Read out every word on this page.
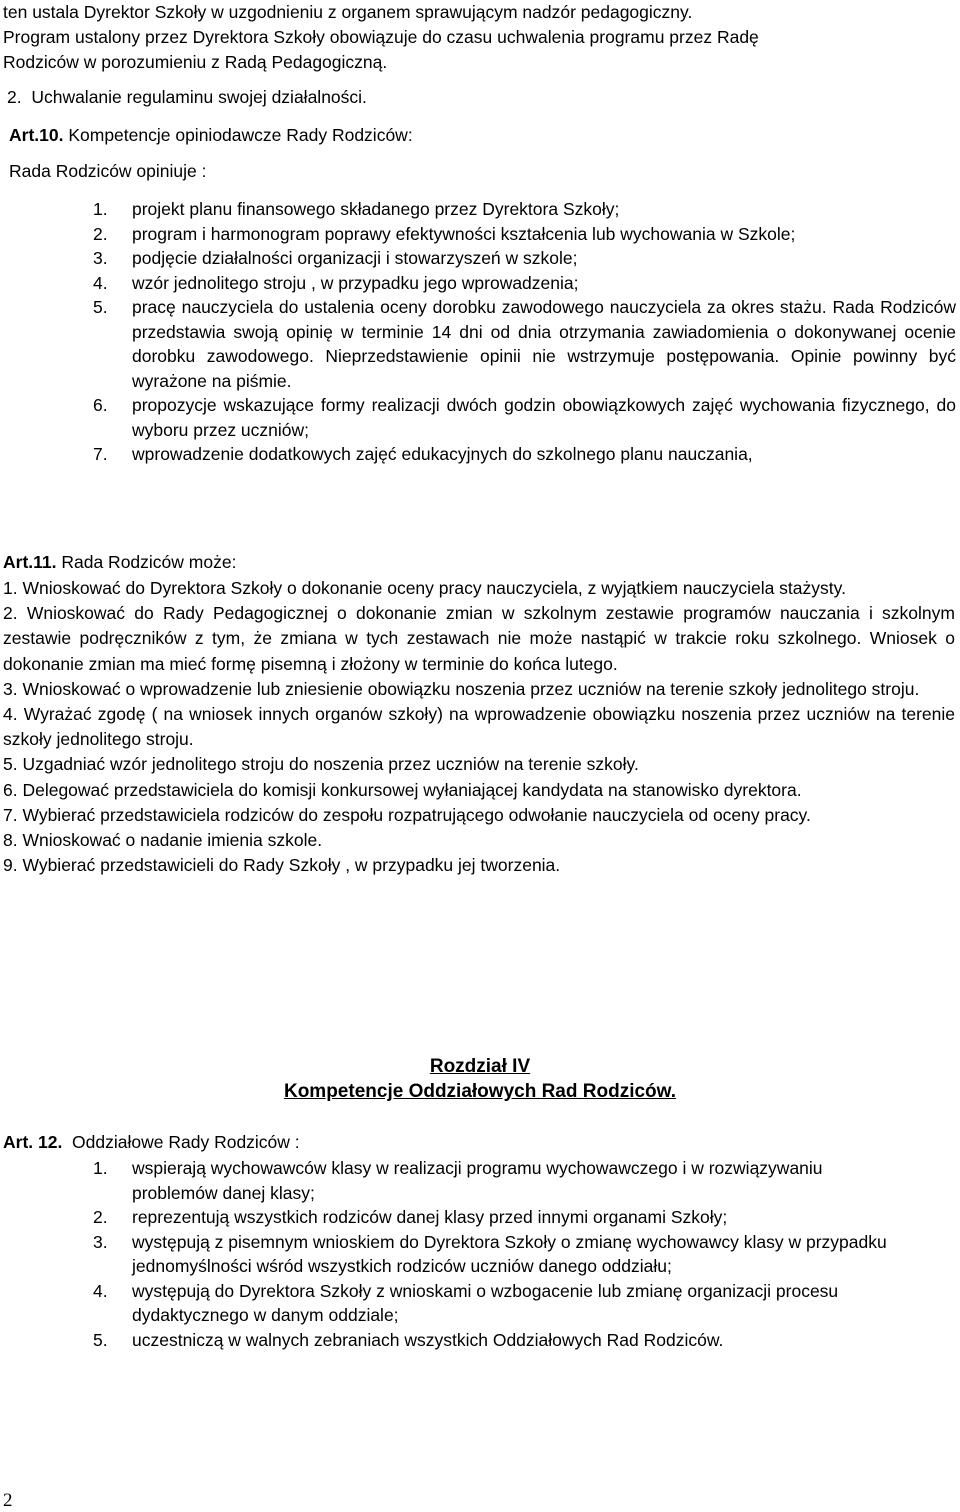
ten ustala Dyrektor Szkoły w uzgodnieniu z organem sprawującym nadzór pedagogiczny.
Program ustalony przez Dyrektora Szkoły obowiązuje do czasu uchwalenia programu przez Radę
Rodziców w porozumieniu z Radą Pedagogiczną.
2.  Uchwalanie regulaminu swojej działalności.
Art.10. Kompetencje opiniodawcze Rady Rodziców:
Rada Rodziców opiniuje :
1.	projekt planu finansowego składanego przez Dyrektora Szkoły;
2.	program i harmonogram poprawy efektywności kształcenia lub wychowania w Szkole;
3.	podjęcie działalności organizacji i stowarzyszeń w szkole;
4.	wzór jednolitego stroju , w przypadku jego wprowadzenia;
5.	pracę nauczyciela do ustalenia oceny dorobku zawodowego nauczyciela za okres stażu. Rada Rodziców przedstawia swoją opinię w terminie 14 dni od dnia otrzymania zawiadomienia o dokonywanej ocenie dorobku zawodowego. Nieprzedstawienie opinii nie wstrzymuje postępowania. Opinie powinny być wyrażone na piśmie.
6.	propozycje wskazujące formy realizacji dwóch godzin obowiązkowych zajęć wychowania fizycznego, do wyboru przez uczniów;
7.	wprowadzenie dodatkowych zajęć edukacyjnych do szkolnego planu nauczania,
Art.11. Rada Rodziców może:
1. Wnioskować do Dyrektora Szkoły o dokonanie oceny pracy nauczyciela, z wyjątkiem nauczyciela stażysty.
2. Wnioskować do Rady Pedagogicznej o dokonanie zmian w szkolnym zestawie programów nauczania i szkolnym zestawie podręczników z tym, że zmiana w tych zestawach nie może nastąpić w trakcie roku szkolnego. Wniosek o dokonanie zmian ma mieć formę pisemną i złożony w terminie do końca lutego.
3. Wnioskować o wprowadzenie lub zniesienie obowiązku noszenia przez uczniów na terenie szkoły jednolitego stroju.
4. Wyrażać zgodę ( na wniosek innych organów szkoły) na wprowadzenie obowiązku noszenia przez uczniów na terenie szkoły jednolitego stroju.
5. Uzgadniać wzór jednolitego stroju do noszenia przez uczniów na terenie szkoły.
6. Delegować przedstawiciela do komisji konkursowej wyłaniającej kandydata na stanowisko dyrektora.
7. Wybierać przedstawiciela rodziców do zespołu rozpatrującego odwołanie nauczyciela od oceny pracy.
8. Wnioskować o nadanie imienia szkole.
9. Wybierać przedstawicieli do Rady Szkoły , w przypadku jej tworzenia.
Rozdział IV
Kompetencje Oddziałowych Rad Rodziców.
Art. 12.  Oddziałowe Rady Rodziców :
1.	wspierają wychowawców klasy w realizacji programu wychowawczego i w rozwiązywaniu problemów danej klasy;
2.	reprezentują wszystkich rodziców danej klasy przed innymi organami Szkoły;
3.	występują z pisemnym wnioskiem do Dyrektora Szkoły o zmianę wychowawcy klasy w przypadku jednomyślności wśród wszystkich rodziców uczniów danego oddziału;
4.	występują do Dyrektora Szkoły z wnioskami o wzbogacenie lub zmianę organizacji procesu dydaktycznego w danym oddziale;
5.	uczestniczą w walnych zebraniach wszystkich Oddziałowych Rad Rodziców.
2
